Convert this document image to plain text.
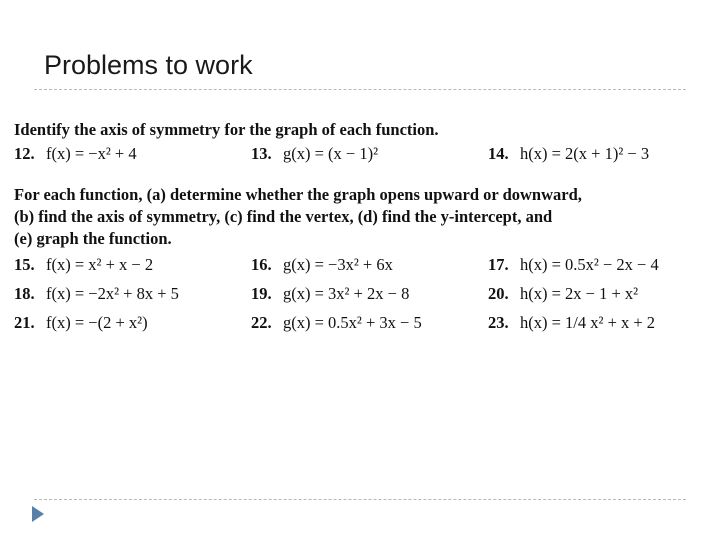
Problems to work
Identify the axis of symmetry for the graph of each function.
12. f(x) = −x² + 4	13. g(x) = (x − 1)²	14. h(x) = 2(x + 1)² − 3
For each function, (a) determine whether the graph opens upward or downward,
(b) find the axis of symmetry, (c) find the vertex, (d) find the y-intercept, and
(e) graph the function.
15. f(x) = x² + x − 2	16. g(x) = −3x² + 6x	17. h(x) = 0.5x² − 2x − 4
18. f(x) = −2x² + 8x + 5	19. g(x) = 3x² + 2x − 8	20. h(x) = 2x − 1 + x²
21. f(x) = −(2 + x²)	22. g(x) = 0.5x² + 3x − 5	23. h(x) = 1/4 x² + x + 2
